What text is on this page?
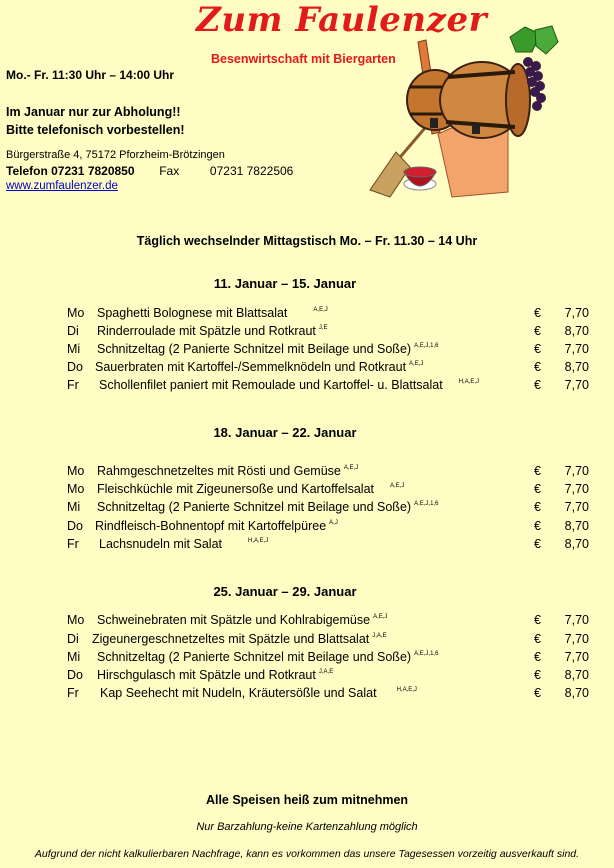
Zum Faulenzer
Besenwirtschaft mit Biergarten
Mo.- Fr. 11:30 Uhr – 14:00 Uhr
Im Januar nur zur Abholung!!
Bitte telefonisch vorbestellen!
Bürgerstraße 4, 75172 Pforzheim-Brötzingen
Telefon 07231 7820850 Fax	07231 7822506
www.zumfaulenzer.de
Täglich wechselnder Mittagstisch Mo. – Fr. 11.30 – 14 Uhr
11. Januar – 15. Januar
Mo Spaghetti Bolognese mit Blattsalat	$^{A,E,J}$	€ 7,70
Di Rinderroulade mit Spätzle und Rotkraut $^{J,E}$	€ 8,70
Mi Schnitzeltag (2 Panierte Schnitzel mit Beilage und Soße) $^{A,E,J,1,6}$	€ 7,70
Do Sauerbraten mit Kartoffel-/Semmelknödeln und Rotkraut $^{A,E,J}$	€ 8,70
Fr Schollenfilet paniert mit Remoulade und Kartoffel- u. Blattsalat	$^{H,A,E,J}$	€ 7,70
18. Januar – 22. Januar
Mo Rahmgeschnetzeltes mit Rösti und Gemüse $^{A,E,J}$	€ 7,70
Mo Fleischküchle mit Zigeunersoße und Kartoffelsalat	$^{A,E,J}$	€ 7,70
Mi Schnitzeltag (2 Panierte Schnitzel mit Beilage und Soße) $^{A,E,J,1,6}$	€ 7,70
Do Rindfleisch-Bohnentopf mit Kartoffelpüree $^{A,J}$	€ 8,70
Fr Lachsnudeln mit Salat	$^{H,A,E,J}$	€ 8,70
25. Januar – 29. Januar
Mo Schweinebraten mit Spätzle und Kohlrabigemüse $^{A,E,J}$	€ 7,70
Di Zigeunergeschnetzeltes mit Spätzle und Blattsalat $^{J,A,E}$	€ 7,70
Mi Schnitzeltag (2 Panierte Schnitzel mit Beilage und Soße) $^{A,E,J,1,6}$	€ 7,70
Do Hirschgulasch mit Spätzle und Rotkraut $^{J,A,E}$	€ 8,70
Fr Kap Seehecht mit Nudeln, Kräutersößle und Salat	$^{H,A,E,J}$	€ 8,70
Alle Speisen heiß zum mitnehmen
Nur Barzahlung-keine Kartenzahlung möglich
Aufgrund der nicht kalkulierbaren Nachfrage, kann es vorkommen das unsere Tagesessen vorzeitig ausverkauft sind.
